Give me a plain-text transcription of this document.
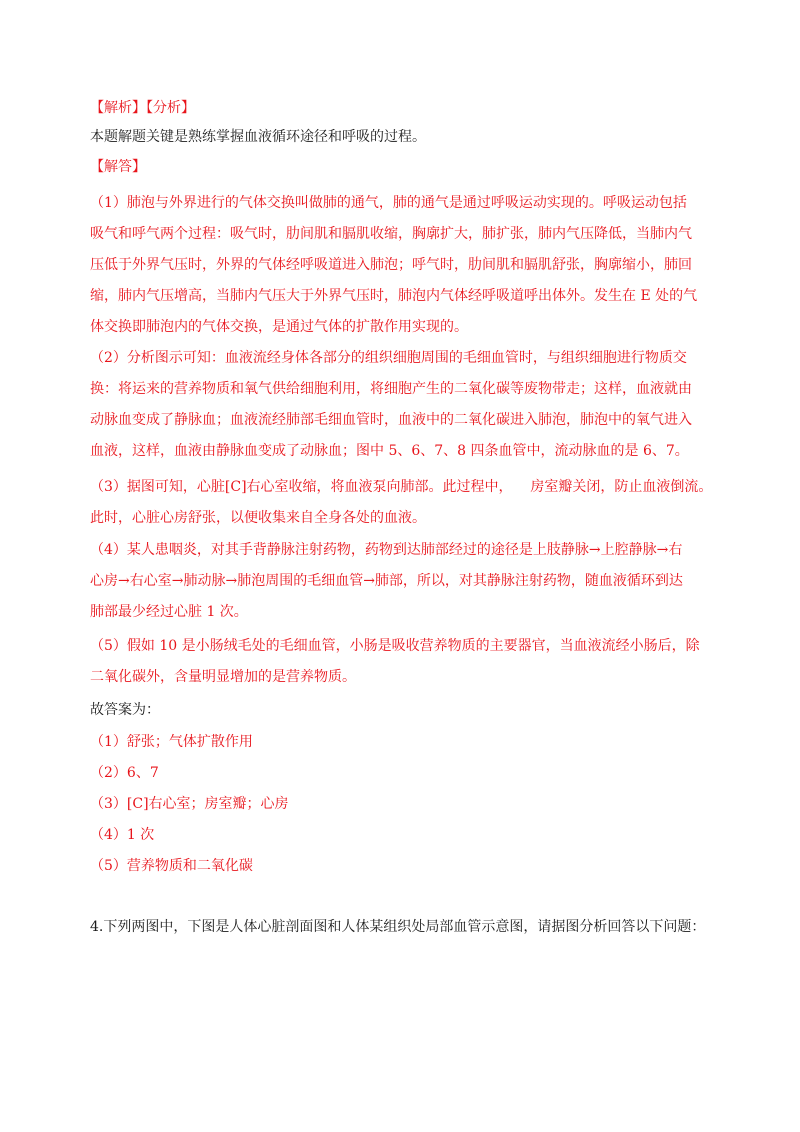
【解析】【分析】
本题解题关键是熟练掌握血液循环途径和呼吸的过程。
【解答】
（1）肺泡与外界进行的气体交换叫做肺的通气，肺的通气是通过呼吸运动实现的。呼吸运动包括
吸气和呼气两个过程：吸气时，肋间肌和膈肌收缩，胸廓扩大，肺扩张，肺内气压降低，当肺内气
压低于外界气压时，外界的气体经呼吸道进入肺泡；呼气时，肋间肌和膈肌舒张，胸廓缩小，肺回
缩，肺内气压增高，当肺内气压大于外界气压时，肺泡内气体经呼吸道呼出体外。发生在 E 处的气
体交换即肺泡内的气体交换，是通过气体的扩散作用实现的。
（2）分析图示可知：血液流经身体各部分的组织细胞周围的毛细血管时，与组织细胞进行物质交
换：将运来的营养物质和氧气供给细胞利用，将细胞产生的二氧化碳等废物带走；这样，血液就由
动脉血变成了静脉血；血液流经肺部毛细血管时，血液中的二氧化碳进入肺泡，肺泡中的氧气进入
血液，这样，血液由静脉血变成了动脉血；图中 5、6、7、8 四条血管中，流动脉血的是 6、7。
（3）据图可知，心脏[C]右心室收缩，将血液泵向肺部。此过程中，    房室瓣关闭，防止血液倒流。
此时，心脏心房舒张，以便收集来自全身各处的血液。
（4）某人患咽炎，对其手背静脉注射药物，药物到达肺部经过的途径是上肢静脉→上腔静脉→右
心房→右心室→肺动脉→肺泡周围的毛细血管→肺部，所以，对其静脉注射药物，随血液循环到达
肺部最少经过心脏 1 次。
（5）假如 10 是小肠绒毛处的毛细血管，小肠是吸收营养物质的主要器官，当血液流经小肠后，除
二氧化碳外，含量明显增加的是营养物质。
故答案为：
（1）舒张；气体扩散作用
（2）6、7
（3）[C]右心室；房室瓣；心房
（4）1 次
（5）营养物质和二氧化碳
4.下列两图中，下图是人体心脏剖面图和人体某组织处局部血管示意图，请据图分析回答以下问题：
